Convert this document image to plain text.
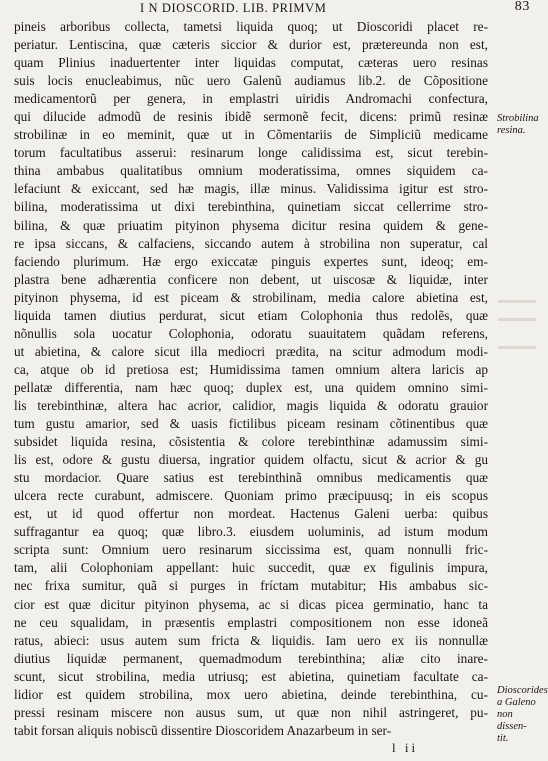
I N DIOSCORID. LIB. PRIMVM	83
pineis arboribus collecta, tametsi liquida quoq; ut Dioscoridi placet re-
periatur. Lentiscina, quæ cæteris siccior & durior est, prætereunda non est,
quam Plinius inaduertenter inter liquidas computat, cæteras uero resinas
suis locis enucleabimus, nũc uero Galenũ audiamus lib.2. de Cõpositione
medicamentorũ per genera, in emplastri uiridis Andromachi confectura,
qui dilucide admodũ de resinis ibidẽ sermonẽ fecit, dicens: primũ resinæ
strobilinæ in eo meminit, quæ ut in Cõmentariis de Simpliciũ medicame
torum facultatibus asserui: resinarum longe calidissima est, sicut terebin-
thina ambabus qualitatibus omnium moderatissima, omnes siquidem ca-
lefaciunt & exiccant, sed hæ magis, illæ minus. Validissima igitur est stro-
bilina, moderatissima ut dixi terebinthina, quinetiam siccat cellerrime stro-
bilina, & quæ priuatim pityinon physema dicitur resina quidem & gene-
re ipsa siccans, & calfaciens, siccando autem à strobilina non superatur, cal
faciendo plurimum. Hæ ergo exiccatæ pinguis expertes sunt, ideoq; em-
plastra bene adhærentia conficere non debent, ut uiscosæ & liquidæ, inter
pityinon physema, id est piceam & strobilinam, media calore abietina est,
liquida tamen diutius perdurat, sicut etiam Colophonia thus redolẽs, quæ
nõnullis sola uocatur Colophonia, odoratu suauitatem quãdam referens,
ut abietina, & calore sicut illa mediocri prædita, na scitur admodum modi-
ca, atque ob id pretiosa est; Humidissima tamen omnium altera laricis ap
pellatæ differentia, nam hæc quoq; duplex est, una quidem omnino simi-
lis terebinthinæ, altera hac acrior, calidior, magis liquida & odoratu grauior
tum gustu amarior, sed & uasis fictilibus piceam resinam cõtinentibus quæ
subsidet liquida resina, cõsistentia & colore terebinthinæ adamussim simi-
lis est, odore & gustu diuersa, ingratior quidem olfactu, sicut & acrior & gu
stu mordacior. Quare satius est terebinthinã omnibus medicamentis quæ
ulcera recte curabunt, admiscere. Quoniam primo præcipuusq; in eis scopus
est, ut id quod offertur non mordeat. Hactenus Galeni uerba: quibus
suffragantur ea quoq; quæ libro.3. eiusdem uoluminis, ad istum modum
scripta sunt: Omnium uero resinarum siccissima est, quam nonnulli fric-
tam, alii Colophoniam appellant: huic succedit, quæ ex figulinis impura,
nec frixa sumitur, quã si purges in fríctam mutabitur; His ambabus sic-
cior est quæ dicitur pityinon physema, ac si dicas picea germinatio, hanc ta
ne ceu squalidam, in præsentis emplastri compositionem non esse idoneã
ratus, abieci: usus autem sum fricta & liquidis. Iam uero ex iis nonnullæ
diutius liquidæ permanent, quemadmodum terebinthina; aliæ cito inare-
scunt, sicut strobilina, media utriusq; est abietina, quinetiam facultate ca-
lidior est quidem strobilina, mox uero abietina, deinde terebinthina, cu-
pressi resinam miscere non ausus sum, ut quæ non nihil astringeret, pu-
tabit forsan aliquis nobiscũ dissentire Dioscoridem Anazarbeum in ser-
Strobilina resina.
Dioscorides a Galeno non dissen-tit.
l ii
